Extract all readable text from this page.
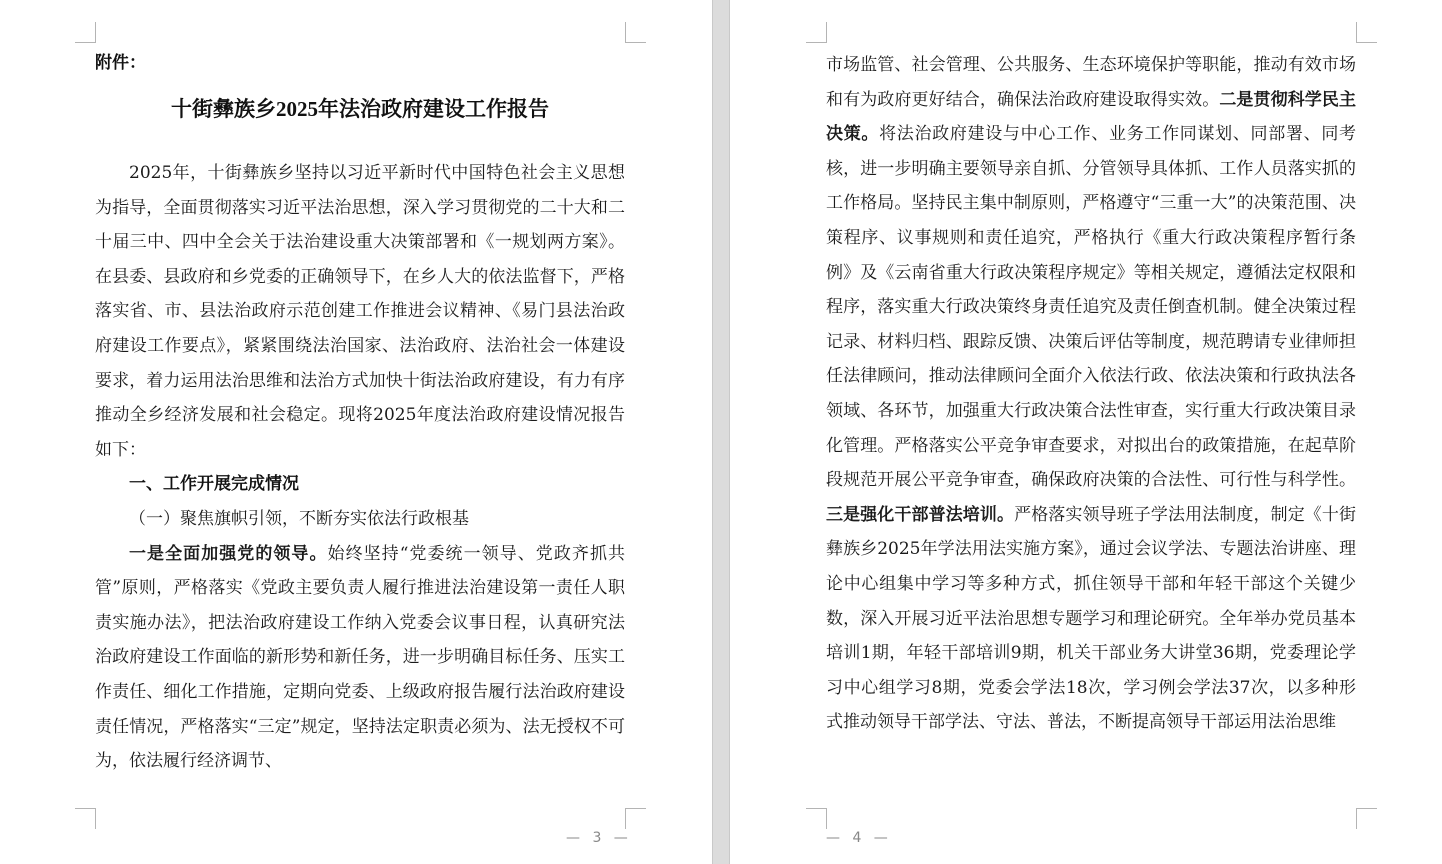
附件：
十街彝族乡2025年法治政府建设工作报告

2025年，十街彝族乡坚持以习近平新时代中国特色社会主义思想为指导，全面贯彻落实习近平法治思想，深入学习贯彻党的二十大和二十届三中、四中全会关于法治建设重大决策部署和《一规划两方案》。在县委、县政府和乡党委的正确领导下，在乡人大的依法监督下，严格落实省、市、县法治政府示范创建工作推进会议精神、《易门县法治政府建设工作要点》，紧紧围绕法治国家、法治政府、法治社会一体建设要求，着力运用法治思维和法治方式加快十街法治政府建设，有力有序推动全乡经济发展和社会稳定。现将2025年度法治政府建设情况报告如下：

一、工作开展完成情况

（一）聚焦旗帜引领，不断夯实依法行政根基

一是全面加强党的领导。始终坚持“党委统一领导、党政齐抓共管”原则，严格落实《党政主要负责人履行推进法治建设第一责任人职责实施办法》，把法治政府建设工作纳入党委会议事日程，认真研究法治政府建设工作面临的新形势和新任务，进一步明确目标任务、压实工作责任、细化工作措施，定期向党委、上级政府报告履行法治政府建设责任情况，严格落实“三定”规定，坚持法定职责必须为、法无授权不可为，依法履行经济调节、

— 3 —

市场监管、社会管理、公共服务、生态环境保护等职能，推动有效市场和有为政府更好结合，确保法治政府建设取得实效。二是贯彻科学民主决策。将法治政府建设与中心工作、业务工作同谋划、同部署、同考核，进一步明确主要领导亲自抓、分管领导具体抓、工作人员落实抓的工作格局。坚持民主集中制原则，严格遵守“三重一大”的决策范围、决策程序、议事规则和责任追究，严格执行《重大行政决策程序暂行条例》及《云南省重大行政决策程序规定》等相关规定，遵循法定权限和程序，落实重大行政决策终身责任追究及责任倒查机制。健全决策过程记录、材料归档、跟踪反馈、决策后评估等制度，规范聘请专业律师担任法律顾问，推动法律顾问全面介入依法行政、依法决策和行政执法各领域、各环节，加强重大行政决策合法性审查，实行重大行政决策目录化管理。严格落实公平竞争审查要求，对拟出台的政策措施，在起草阶段规范开展公平竞争审查，确保政府决策的合法性、可行性与科学性。三是强化干部普法培训。严格落实领导班子学法用法制度，制定《十街彝族乡2025年学法用法实施方案》，通过会议学法、专题法治讲座、理论中心组集中学习等多种方式，抓住领导干部和年轻干部这个关键少数，深入开展习近平法治思想专题学习和理论研究。全年举办党员基本培训1期，年轻干部培训9期，机关干部业务大讲堂36期，党委理论学习中心组学习8期，党委会学法18次，学习例会学法37次，以多种形式推动领导干部学法、守法、普法，不断提高领导干部运用法治思维

— 4 —
